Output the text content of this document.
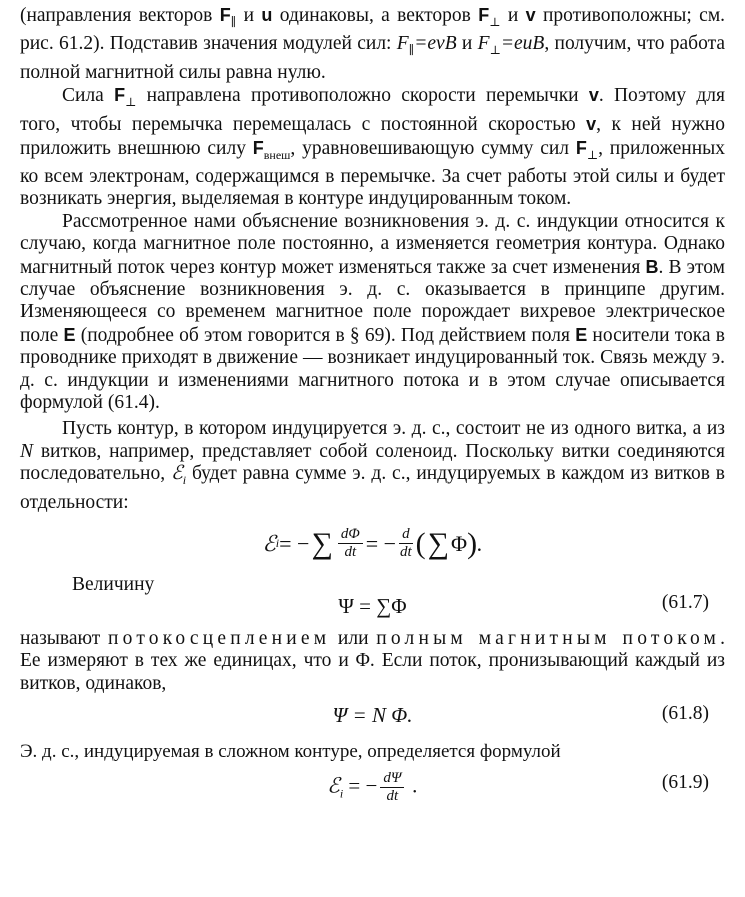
(направления векторов $F_\parallel$ и u одинаковы, а векторов $F_\perp$ и v противоположны; см. рис. 61.2). Подставив значения модулей сил: $F_\parallel=evB$ и $F_\perp=euB$, получим, что работа полной магнитной силы равна нулю.

Сила $F_\perp$ направлена противоположно скорости перемычки v. Поэтому для того, чтобы перемычка перемещалась с постоянной скоростью v, к ней нужно приложить внешнюю силу $F_{внеш}$, уравновешивающую сумму сил $F_\perp$, приложенных ко всем электронам, содержащимся в перемычке. За счет работы этой силы и будет возникать энергия, выделяемая в контуре индуцированным током.

Рассмотренное нами объяснение возникновения э. д. с. индукции относится к случаю, когда магнитное поле постоянно, а изменяется геометрия контура. Однако магнитный поток через контур может изменяться также за счет изменения B. В этом случае объяснение возникновения э. д. с. оказывается в принципе другим. Изменяющееся со временем магнитное поле порождает вихревое электрическое поле E (подробнее об этом говорится в § 69). Под действием поля E носители тока в проводнике приходят в движение — возникает индуцированный ток. Связь между э. д. с. индукции и изменениями магнитного потока и в этом случае описывается формулой (61.4).

Пусть контур, в котором индуцируется э. д. с., состоит не из одного витка, а из N витков, например, представляет собой соленоид. Поскольку витки соединяются последовательно, ℰ$_i$ будет равна сумме э. д. с., индуцируемых в каждом из витков в отдельности:

ℰ i = − ∑ $\frac{d\Phi}{dt}$ = − $\frac{d}{dt}$ ( ∑ Φ ) .
Величину
Ψ = ∑Φ	(61.7)

называют потокосцеплением или полным магнитным потоком. Ее измеряют в тех же единицах, что и Φ. Если поток, пронизывающий каждый из витков, одинаков,

Ψ = N Φ.	(61.8)

Э. д. с., индуцируемая в сложном контуре, определяется формулой

ℰ$_i$ = − $\frac{d\Psi}{dt}$ .	(61.9)
